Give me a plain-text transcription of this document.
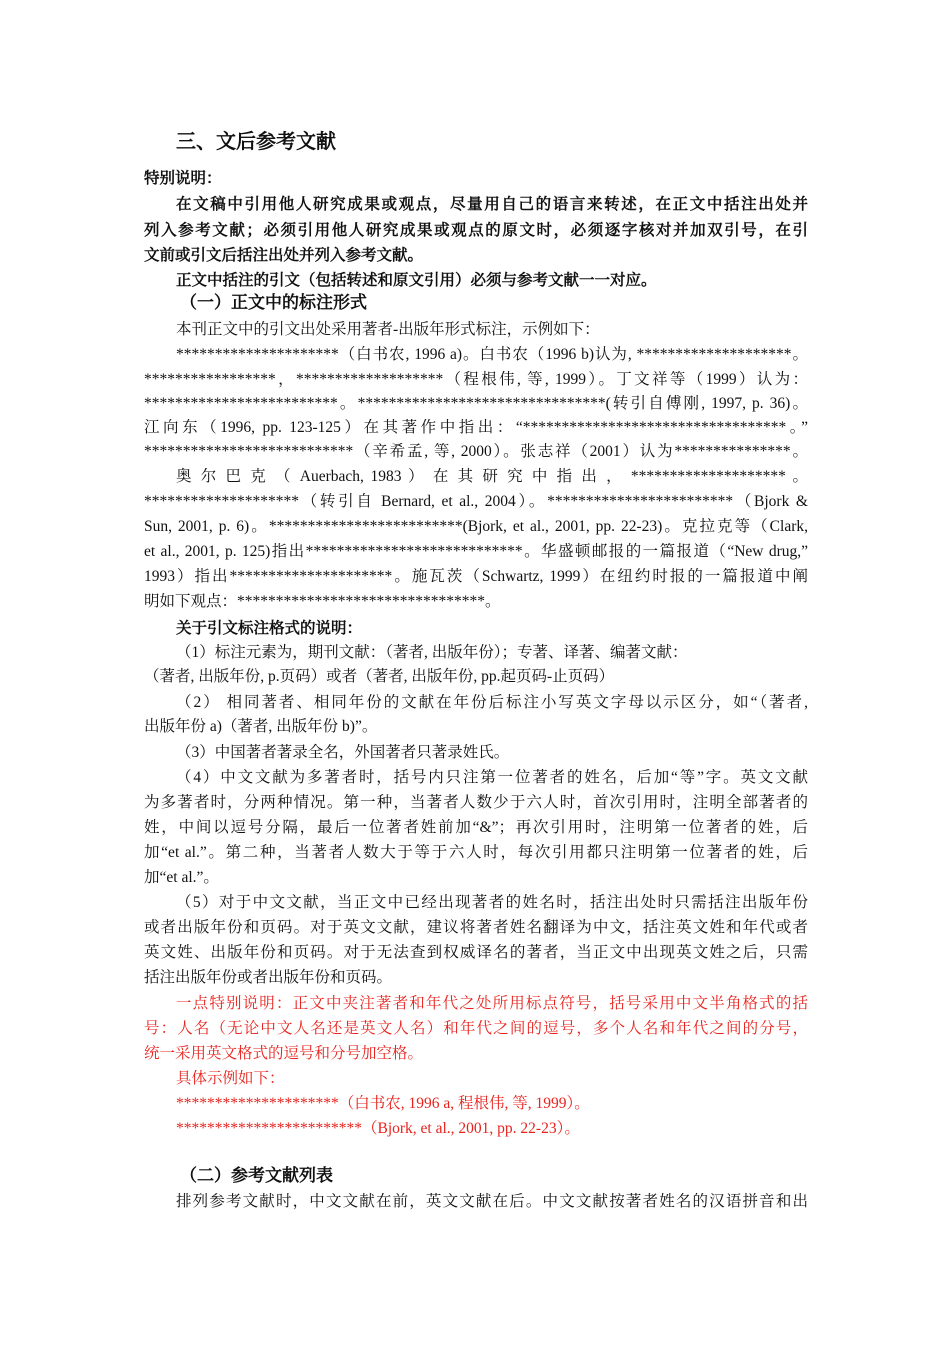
三、文后参考文献
特别说明：
在文稿中引用他人研究成果或观点，尽量用自己的语言来转述，在正文中括注出处并
列入参考文献；必须引用他人研究成果或观点的原文时，必须逐字核对并加双引号，在引
文前或引文后括注出处并列入参考文献。
正文中括注的引文（包括转述和原文引用）必须与参考文献一一对应。
（一）正文中的标注形式
本刊正文中的引文出处采用著者-出版年形式标注，示例如下：
*********************（白书农, 1996 a)。白书农（1996 b)认为, ********************。
*****************，*******************（程根伟, 等, 1999）。丁文祥等（1999）认为：
*************************。********************************(转引自傅刚, 1997, p. 36)。
江向东（1996, pp. 123-125）在其著作中指出：“**********************************。”
***************************（辛希孟, 等, 2000）。张志祥（2001）认为***************。
奥 尔 巴 克 （ Auerbach, 1983 ） 在 其 研 究 中 指 出 ， ******************** 。
********************（转引自 Bernard, et al., 2004）。************************（Bjork &
Sun, 2001, p. 6)。*************************(Bjork, et al., 2001, pp. 22-23)。克拉克等（Clark,
et al., 2001, p. 125)指出****************************。华盛顿邮报的一篇报道（“New drug,”
1993）指出*********************。施瓦茨（Schwartz, 1999）在纽约时报的一篇报道中阐
明如下观点：********************************。
关于引文标注格式的说明：
（1）标注元素为，期刊文献：（著者, 出版年份）；专著、译著、编著文献：
（著者, 出版年份, p.页码）或者（著者, 出版年份, pp.起页码-止页码）
（2） 相同著者、相同年份的文献在年份后标注小写英文字母以示区分，如“（著者,
出版年份 a)（著者, 出版年份 b)”。
（3）中国著者著录全名，外国著者只著录姓氏。
（4）中文文献为多著者时，括号内只注第一位著者的姓名，后加“等”字。英文文献
为多著者时，分两种情况。第一种，当著者人数少于六人时，首次引用时，注明全部著者的
姓，中间以逗号分隔，最后一位著者姓前加“&”；再次引用时，注明第一位著者的姓，后
加“et al.”。第二种，当著者人数大于等于六人时，每次引用都只注明第一位著者的姓，后
加“et al.”。
（5）对于中文文献，当正文中已经出现著者的姓名时，括注出处时只需括注出版年份
或者出版年份和页码。对于英文文献，建议将著者姓名翻译为中文，括注英文姓和年代或者
英文姓、出版年份和页码。对于无法查到权威译名的著者，当正文中出现英文姓之后，只需
括注出版年份或者出版年份和页码。
一点特别说明：正文中夹注著者和年代之处所用标点符号，括号采用中文半角格式的括
号：人名（无论中文人名还是英文人名）和年代之间的逗号，多个人名和年代之间的分号，
统一采用英文格式的逗号和分号加空格。
具体示例如下：
*********************（白书农, 1996 a, 程根伟, 等, 1999）。
************************（Bjork, et al., 2001, pp. 22-23）。
（二）参考文献列表
排列参考文献时，中文文献在前，英文文献在后。中文文献按著者姓名的汉语拼音和出
